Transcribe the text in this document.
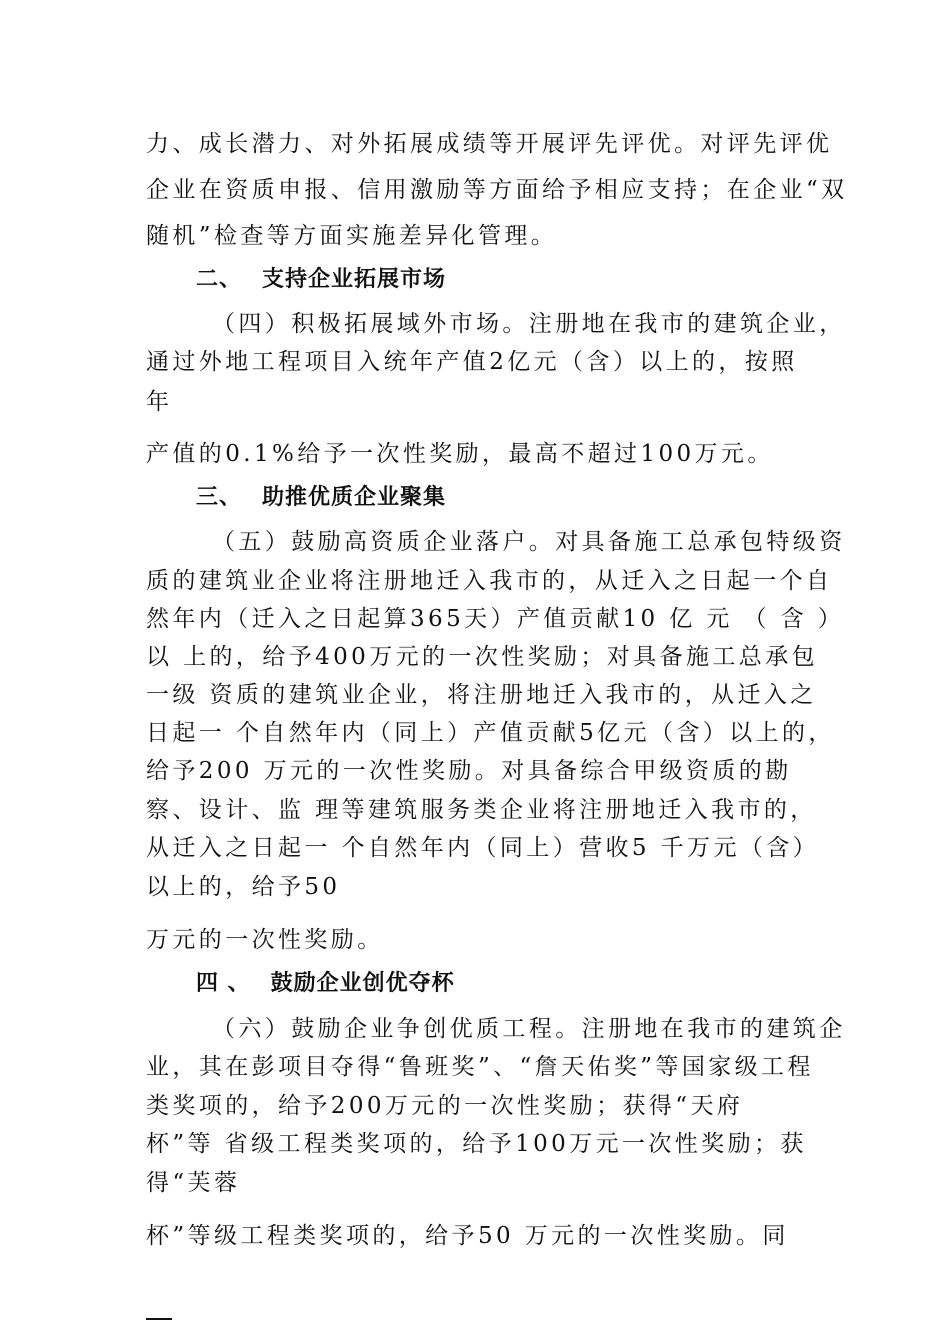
力、成长潜力、对外拓展成绩等开展评先评优。对评先评优
企业在资质申报、信用激励等方面给予相应支持；在企业“双
随机”检查等方面实施差异化管理。
二、 支持企业拓展市场
（四）积极拓展域外市场。注册地在我市的建筑企业，
通过外地工程项目入统年产值2亿元（含）以上的，按照
年
产值的0.1%给予一次性奖励，最高不超过100万元。
三、 助推优质企业聚集
（五）鼓励高资质企业落户。对具备施工总承包特级资
质的建筑业企业将注册地迁入我市的，从迁入之日起一个自
然年内（迁入之日起算365天）产值贡献10 亿 元 （ 含 ）
以 上的，给予400万元的一次性奖励；对具备施工总承包
一级 资质的建筑业企业，将注册地迁入我市的，从迁入之
日起一 个自然年内（同上）产值贡献5亿元（含）以上的，
给予200 万元的一次性奖励。对具备综合甲级资质的勘
察、设计、监 理等建筑服务类企业将注册地迁入我市的，
从迁入之日起一 个自然年内（同上）营收5 千万元（含）
以上的，给予50
万元的一次性奖励。
四 、 鼓励企业创优夺杯
（六）鼓励企业争创优质工程。注册地在我市的建筑企
业，其在彭项目夺得“鲁班奖”、“詹天佑奖”等国家级工程
类奖项的，给予200万元的一次性奖励；获得“天府
杯”等 省级工程类奖项的，给予100万元一次性奖励；获
得“芙蓉
杯”等级工程类奖项的，给予50 万元的一次性奖励。同
